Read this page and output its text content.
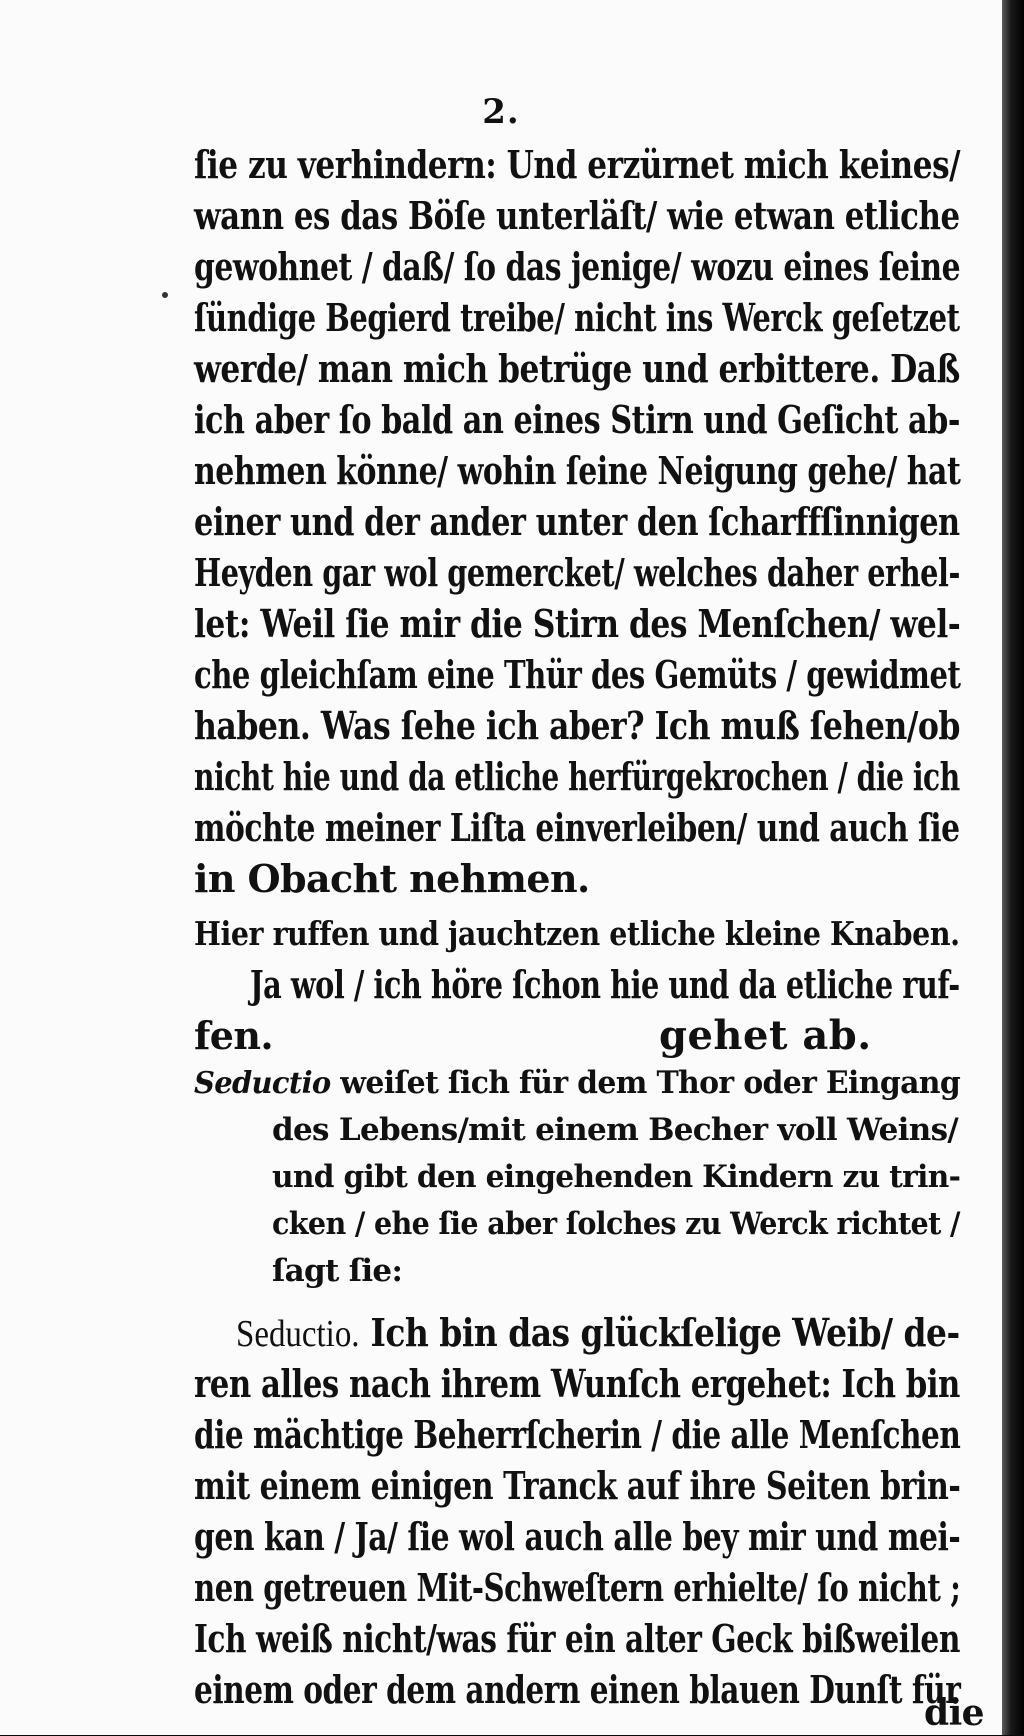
2.
ſie zu verhindern: Und erzürnet mich keines/
wann es das Böſe unterläſt/ wie etwan etliche
gewohnet / daß/ ſo das jenige/ wozu eines ſeine
ſündige Begierd treibe/ nicht ins Werck geſetzet
werde/ man mich betrüge und erbittere. Daß
ich aber ſo bald an eines Stirn und Geſicht ab-
nehmen könne/ wohin ſeine Neigung gehe/ hat
einer und der ander unter den ſcharffſinnigen
Heyden gar wol gemercket/ welches daher erhel-
let: Weil ſie mir die Stirn des Menſchen/ wel-
che gleichſam eine Thür des Gemüts / gewidmet
haben. Was ſehe ich aber? Ich muß ſehen/ob
nicht hie und da etliche herfürgekrochen / die ich
möchte meiner Liſta einverleiben/ und auch ſie
in Obacht nehmen.
Hier ruffen und jauchtzen etliche kleine Knaben.
Ja wol / ich höre ſchon hie und da etliche ruf-
fen.	gehet ab.
Seductio weiſet ſich für dem Thor oder Eingang
des Lebens/mit einem Becher voll Weins/
und gibt den eingehenden Kindern zu trin-
cken / ehe ſie aber ſolches zu Werck richtet /
ſagt ſie:
Seductio. Ich bin das glückſelige Weib/ de-
ren alles nach ihrem Wunſch ergehet: Ich bin
die mächtige Beherrſcherin / die alle Menſchen
mit einem einigen Tranck auf ihre Seiten brin-
gen kan / Ja/ ſie wol auch alle bey mir und mei-
nen getreuen Mit-Schweſtern erhielte/ ſo nicht ;
Ich weiß nicht/was für ein alter Geck bißweilen
einem oder dem andern einen blauen Dunſt für
die
